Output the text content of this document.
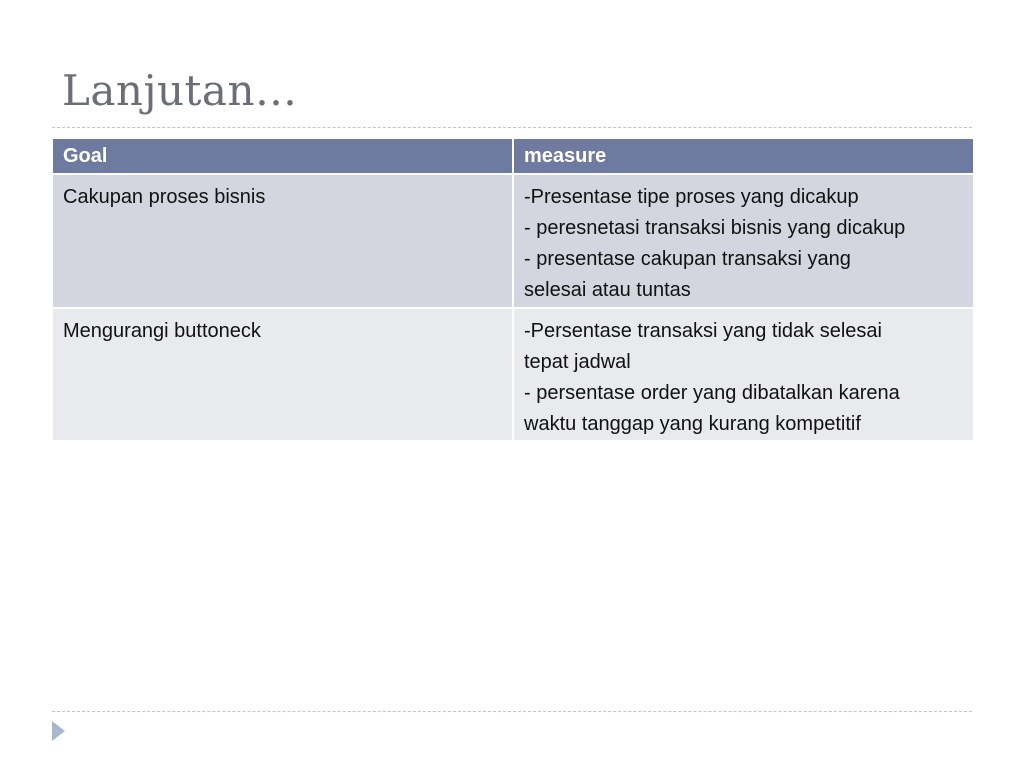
Lanjutan…
Goal	measure
Cakupan proses bisnis	-Presentase tipe proses yang dicakup
- peresnetasi transaksi bisnis yang dicakup
- presentase cakupan transaksi yang
selesai atau tuntas

Mengurangi buttoneck	-Persentase transaksi yang tidak selesai
tepat jadwal
- persentase order yang dibatalkan karena
waktu tanggap yang kurang kompetitif
